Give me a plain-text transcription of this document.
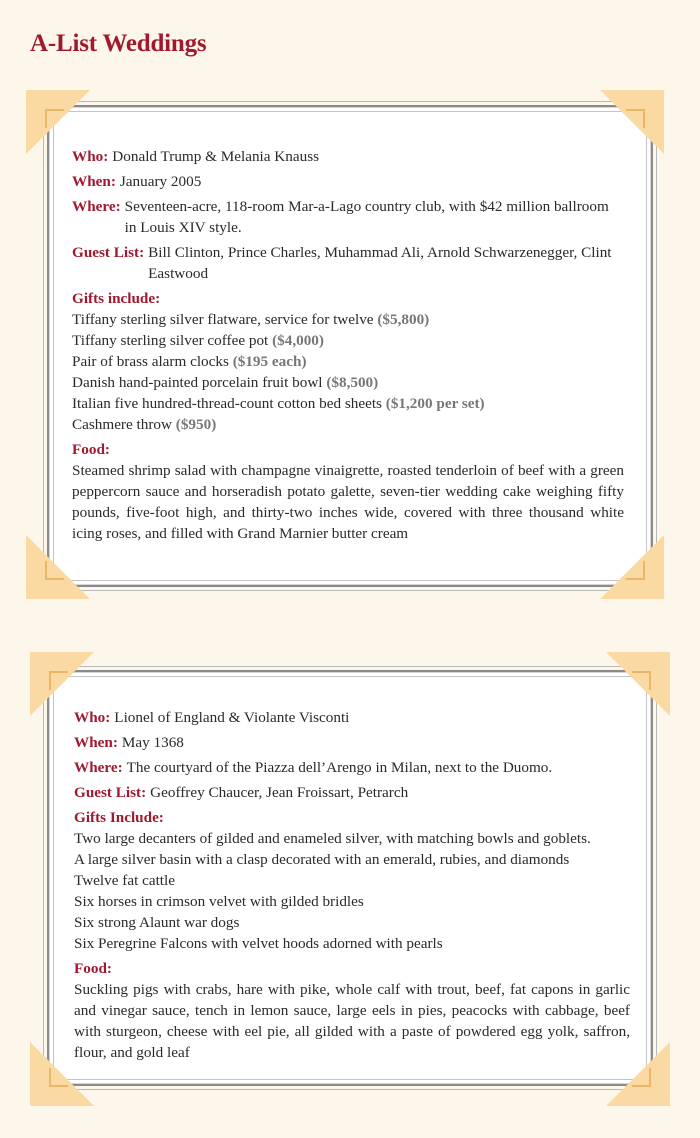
A-List Weddings
Who: Donald Trump & Melania Knauss
When: January 2005
Where: Seventeen-acre, 118-room Mar-a-Lago country club, with $42 million ballroom in Louis XIV style.
Guest List: Bill Clinton, Prince Charles, Muhammad Ali, Arnold Schwarzenegger, Clint Eastwood
Gifts include:
Tiffany sterling silver flatware, service for twelve ($5,800)
Tiffany sterling silver coffee pot ($4,000)
Pair of brass alarm clocks ($195 each)
Danish hand-painted porcelain fruit bowl ($8,500)
Italian five hundred-thread-count cotton bed sheets ($1,200 per set)
Cashmere throw ($950)
Food:
Steamed shrimp salad with champagne vinaigrette, roasted tenderloin of beef with a green peppercorn sauce and horseradish potato galette, seven-tier wedding cake weighing fifty pounds, five-foot high, and thirty-two inches wide, covered with three thousand white icing roses, and filled with Grand Marnier butter cream
Who: Lionel of England & Violante Visconti
When: May 1368
Where: The courtyard of the Piazza dell’Arengo in Milan, next to the Duomo.
Guest List: Geoffrey Chaucer, Jean Froissart, Petrarch
Gifts Include:
Two large decanters of gilded and enameled silver, with matching bowls and goblets.
A large silver basin with a clasp decorated with an emerald, rubies, and diamonds
Twelve fat cattle
Six horses in crimson velvet with gilded bridles
Six strong Alaunt war dogs
Six Peregrine Falcons with velvet hoods adorned with pearls
Food:
Suckling pigs with crabs, hare with pike, whole calf with trout, beef, fat capons in garlic and vinegar sauce, tench in lemon sauce, large eels in pies, peacocks with cabbage, beef with sturgeon, cheese with eel pie, all gilded with a paste of powdered egg yolk, saffron, flour, and gold leaf
